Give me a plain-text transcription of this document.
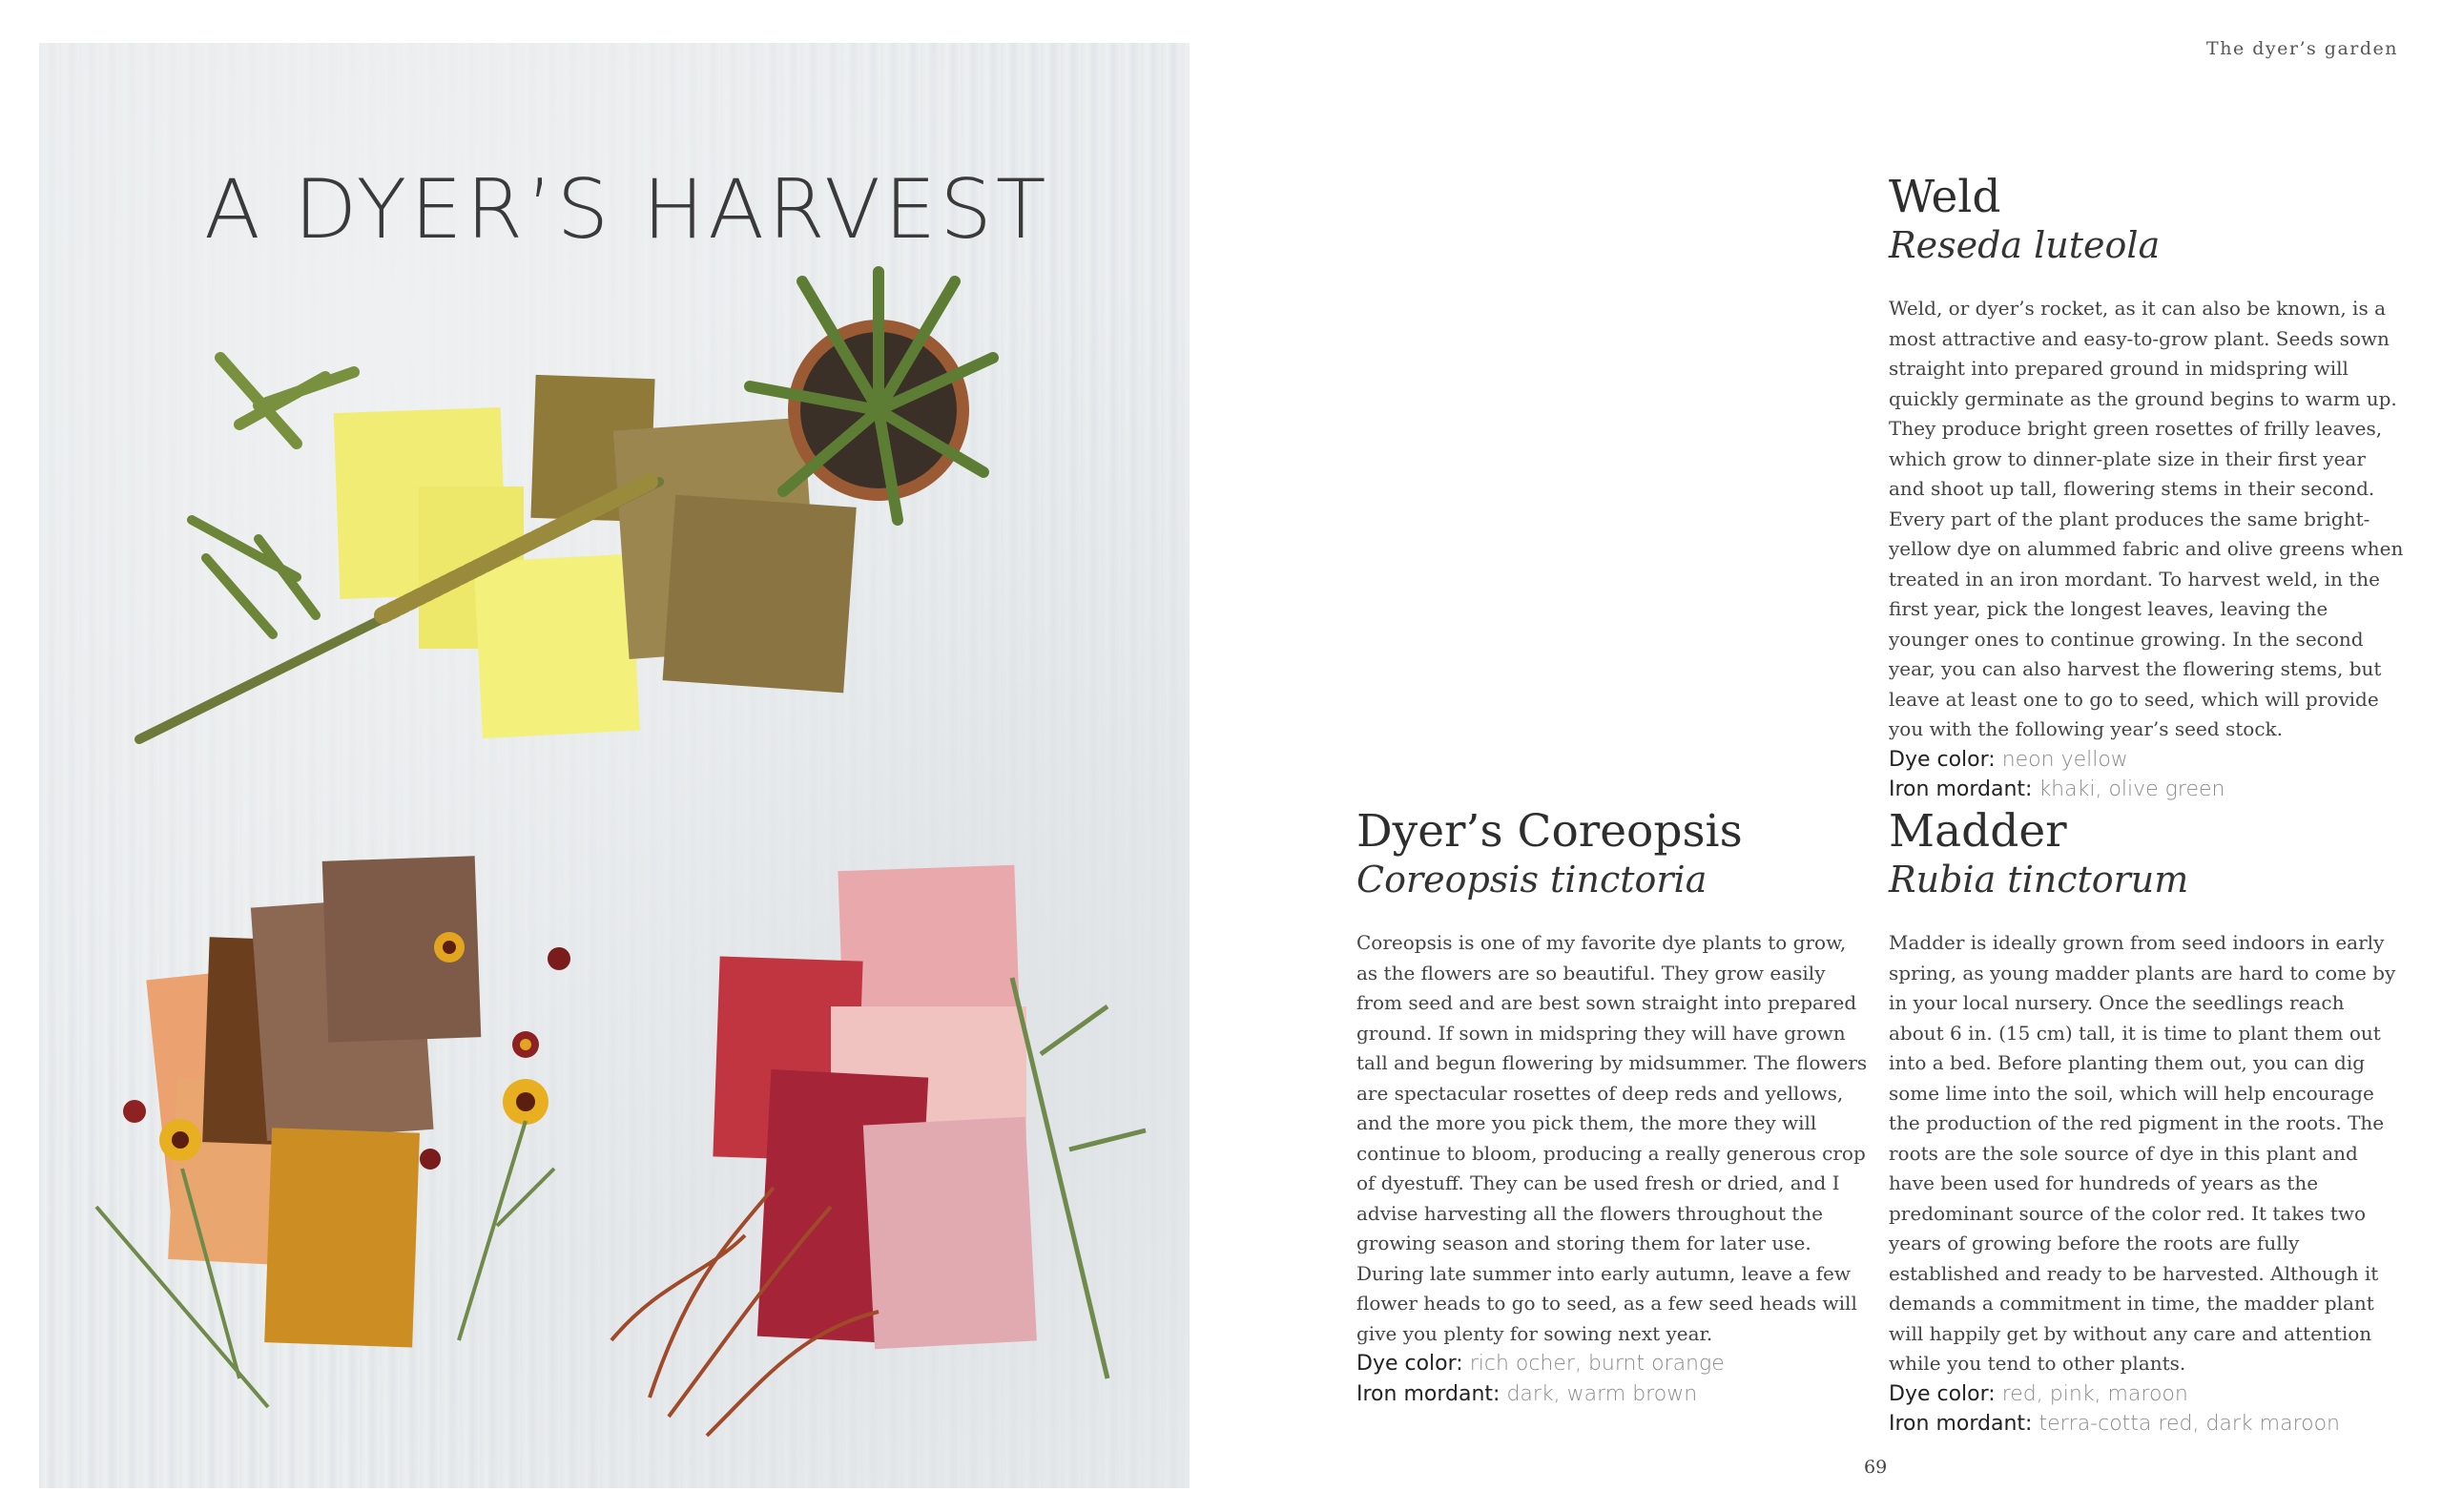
A DYER’S HARVEST
The dyer’s garden
Weld

Reseda luteola

Weld, or dyer’s rocket, as it can also be known, is a most attractive and easy-to-grow plant. Seeds sown straight into prepared ground in midspring will quickly germinate as the ground begins to warm up. They produce bright green rosettes of frilly leaves, which grow to dinner-plate size in their first year and shoot up tall, flowering stems in their second. Every part of the plant produces the same bright-yellow dye on alummed fabric and olive greens when treated in an iron mordant. To harvest weld, in the first year, pick the longest leaves, leaving the younger ones to continue growing. In the second year, you can also harvest the flowering stems, but leave at least one to go to seed, which will provide you with the following year’s seed stock.

Dye color: neon yellow

Iron mordant: khaki, olive green

Dyer’s Coreopsis

Coreopsis tinctoria

Coreopsis is one of my favorite dye plants to grow, as the flowers are so beautiful. They grow easily from seed and are best sown straight into prepared ground. If sown in midspring they will have grown tall and begun flowering by midsummer. The flowers are spectacular rosettes of deep reds and yellows, and the more you pick them, the more they will continue to bloom, producing a really generous crop of dyestuff. They can be used fresh or dried, and I advise harvesting all the flowers throughout the growing season and storing them for later use. During late summer into early autumn, leave a few flower heads to go to seed, as a few seed heads will give you plenty for sowing next year.

Dye color: rich ocher, burnt orange

Iron mordant: dark, warm brown

Madder

Rubia tinctorum

Madder is ideally grown from seed indoors in early spring, as young madder plants are hard to come by in your local nursery. Once the seedlings reach about 6 in. (15 cm) tall, it is time to plant them out into a bed. Before planting them out, you can dig some lime into the soil, which will help encourage the production of the red pigment in the roots. The roots are the sole source of dye in this plant and have been used for hundreds of years as the predominant source of the color red. It takes two years of growing before the roots are fully established and ready to be harvested. Although it demands a commitment in time, the madder plant will happily get by without any care and attention while you tend to other plants.

Dye color: red, pink, maroon

Iron mordant: terra-cotta red, dark maroon

69
